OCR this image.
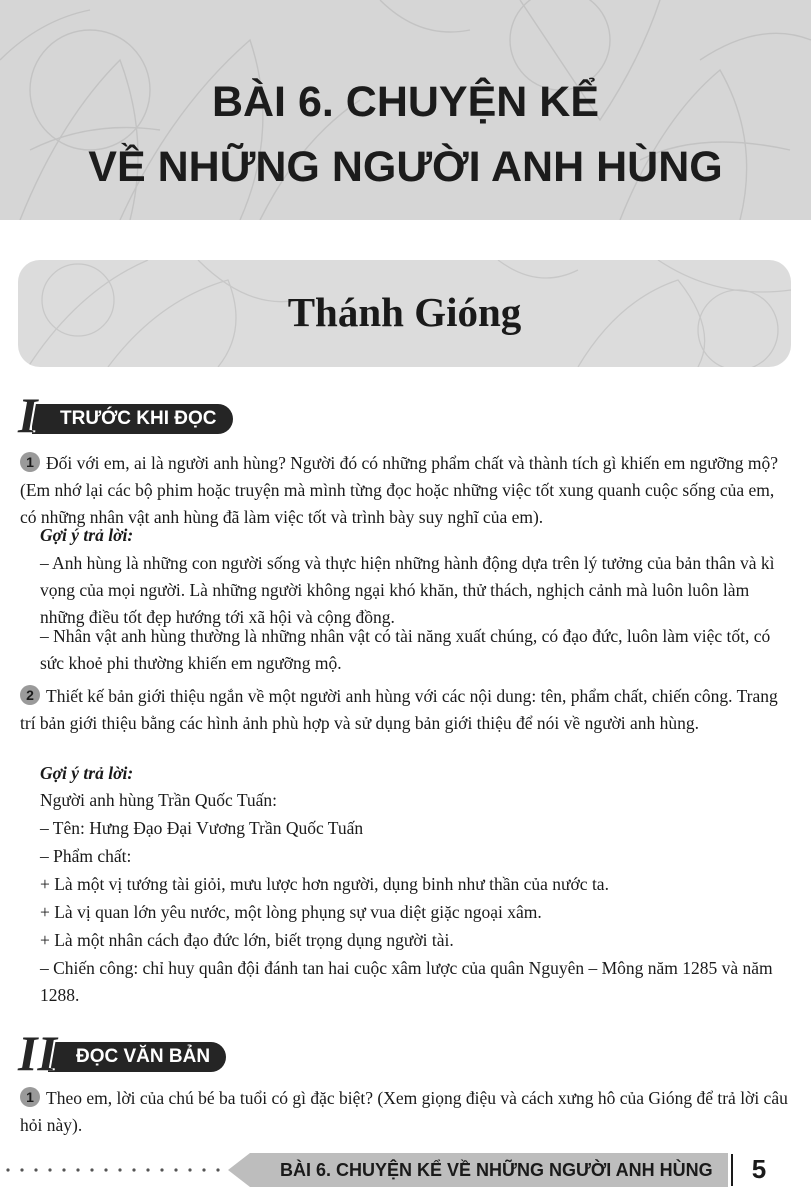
BÀI 6. CHUYỆN KỂ
VỀ NHỮNG NGƯỜI ANH HÙNG
Thánh Gióng
TRƯỚC KHI ĐỌC
I

1 Đối với em, ai là người anh hùng? Người đó có những phẩm chất và thành tích gì khiến em ngưỡng mộ? (Em nhớ lại các bộ phim hoặc truyện mà mình từng đọc hoặc những việc tốt xung quanh cuộc sống của em, có những nhân vật anh hùng đã làm việc tốt và trình bày suy nghĩ của em).

Gợi ý trả lời:

– Anh hùng là những con người sống và thực hiện những hành động dựa trên lý tưởng của bản thân và kì vọng của mọi người. Là những người không ngại khó khăn, thử thách, nghịch cảnh mà luôn luôn làm những điều tốt đẹp hướng tới xã hội và cộng đồng.

– Nhân vật anh hùng thường là những nhân vật có tài năng xuất chúng, có đạo đức, luôn làm việc tốt, có sức khoẻ phi thường khiến em ngưỡng mộ.

2 Thiết kế bản giới thiệu ngắn về một người anh hùng với các nội dung: tên, phẩm chất, chiến công. Trang trí bản giới thiệu bằng các hình ảnh phù hợp và sử dụng bản giới thiệu để nói về người anh hùng.

Gợi ý trả lời:

Người anh hùng Trần Quốc Tuấn:

– Tên: Hưng Đạo Đại Vương Trần Quốc Tuấn

– Phẩm chất:

+ Là một vị tướng tài giỏi, mưu lược hơn người, dụng binh như thần của nước ta.

+ Là vị quan lớn yêu nước, một lòng phụng sự vua diệt giặc ngoại xâm.

+ Là một nhân cách đạo đức lớn, biết trọng dụng người tài.

– Chiến công: chỉ huy quân đội đánh tan hai cuộc xâm lược của quân Nguyên – Mông năm 1285 và năm 1288.

ĐỌC VĂN BẢN
II

1 Theo em, lời của chú bé ba tuổi có gì đặc biệt? (Xem giọng điệu và cách xưng hô của Gióng để trả lời câu hỏi này).

BÀI 6. CHUYỆN KỂ VỀ NHỮNG NGƯỜI ANH HÙNG	5
